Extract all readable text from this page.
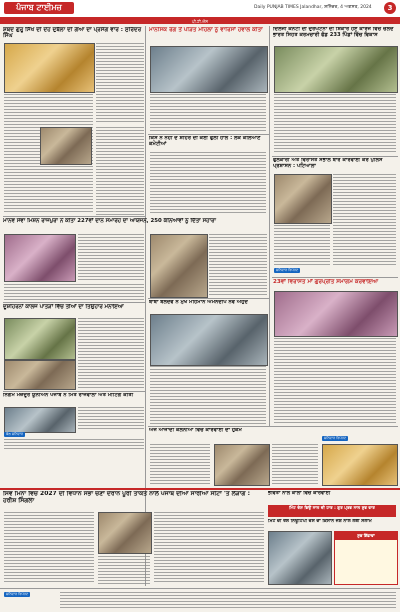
ਪੰਜਾਬ ਟਾਈਮਜ਼	Daily PUNJAB TIMES Jalandhar, ਸ਼ਨਿੱਚਰ, 4 ਅਗਸਤ, 2024	3
ਪੀ.ਟੀ.ਐਨ
ਸ਼ਬਦ ਗੁਰੂ ਸਿੱਖ ਦੀ ਦੇਹ ਦੁਬੱਲਾ ਦੀ ਗੋਆ ਦਾ ਪ੍ਰਸੰਗ ਵਾਰ : ਸੁਰਿੰਦਰ ਸਿੰਘ
ਮਾਨਵ ਸੇਵਾ ਮਿਸ਼ਨ ਰਾਜਪੁਰਾ ਨੇ ਕੀਤਾ 227ਵਾਂ ਦਾਨ ਸਮਾਰੋਹ ਦਾ ਆਯੋਜਨ, 250 ਕੰਨਿਆਵਾਂ ਨੂੰ ਦਿੱਤਾ ਸਹਾਰਾ
ਦੂਸ਼ਹਿਰਨਾਂ ਕਾਲਜ ਪਾਤੜਾਂ ਵਿੱਚ ਤੀਆਂ ਦਾ ਤਿਉਹਾਰ ਮਨਾਇਆ
ਨਿਗਮ ਮਜ਼ਦੂਰ ਯੂਨੀਅਨ ਪੰਜਾਬ ਨੇ ਮਿੱਤ ਰਾਜਵਾਲਾ ਅਤੇ ਮੀਟਿੰਗ ਕੀਤੀ
ਕੋਲ ਸ਼ਨਿਵਾਰ
ਮਾਨਸਿਕ ਰੋਗ ਤੋਂ ਪੀੜਤ ਮਹਿਲਾ ਨੂੰ ਵਾਰਿਸਾਂ ਹਵਾਲੇ ਕੀਤਾ
ਕਿਸੇ ਨੇ ਨਹੀਂ ਦੋ ਸ਼ਹਿਰ ਦੀ ਕਈ ਫੁੱਲੀ ਹਾਲ : ਲੋਕ ਕਲਿਆਣ ਕਮੇਟੀਆਂ
ਬਾਬਾ ਬਲਦੇਵ ਨੇ ਮੁੱਖ ਮਹਿਮਾਨ ਅਮਨਦੀਪ ਨਵੇਂ ਅਹੁਦੇ
ਅਜ ਆਜਾਦੀ ਕਲੋਨੀਆਂ ਵਿੱਚ ਕਾਰਵਾਈ ਦਾ ਹੁਕਮ
ਦਿਲਜੀ ਕਨਟੀ ਦੀ ਦੁਰਘਟਨਾ ਦੀ ਸ਼ਿਕਾਰ ਹੋਏ ਕਾਰਜ ਵਿਚ ਚਲਦੇ ਭਾਰਤ ਸਿਹਤ ਕਰਮਚਾਰੀ ਫੰਡ 233 ਪਿੰਡਾਂ ਵਿੱਚ ਵਿਕਾਸ
ਫੁਲਕਾਰੀ ਅਤੇ ਵਿਰਾਸਤ ਸੰਭਾਲ ਬਾਰੇ ਕਾਰਵਾਈ ਕਰੋ ਪੁਲਿਸ ਪ੍ਰਸ਼ਾਸਨ : ਪਟਿਆਲਾ
ਸ਼ਨਿਵਾਰ ਰਿਪੋਰਟ
23ਵਾਂ ਵਿਰਾਸਤ ਮਾਂ ਗੁਰਪ੍ਰੀਤ ਸਮਾਗਮ ਕਰਵਾਇਆ
ਸ਼ਨਿਵਾਰ ਰਿਪੋਰਟ
ਸਿਵ ਮਿਨਾ ਵਿਚ 2027 ਦੀ ਵਿਧਾਨ ਸਭਾ ਚੋਣਾਂ ਦੌਰਾਨ ਪੂਰੀ ਤਾਕਤ ਨਾਲ ਪੰਜਾਬ ਦੀਆਂ ਸਾਰੀਆਂ ਸੀਟਾਂ 'ਤੇ ਲੜਾਂਗੇ : ਹਰੀਸ਼ ਸਿੰਗਲਾ
ਭਵਿਤਾ ਨਾਲ ਕਾਲਾਂ ਵਿੱਚ ਕਾਰਵਾਈ
ਮਿੰਟ ਦੇਸ਼ ਭਿਉਂ ਨਾਲ ਦੀ ਹਾਰ : ਗੁਰ ਪ੍ਰਭ ਨਾਲ ਸ਼ੁਭ ਵਾਰ
ਮਿੱਟ ਦੀ ਰੇਲ ਨਿਊਟਿਪੀ ਦੇਸ ਦਾ ਕਿਸਾਨ ਜੋਸ਼ ਨਾਲ ਲਈ ਸਲਾਮ
ਸ਼ੁਭ ਇੱਛਾਵਾਂ
ਸ਼ਨਿਵਾਰ ਰਿਪੋਰਟ
